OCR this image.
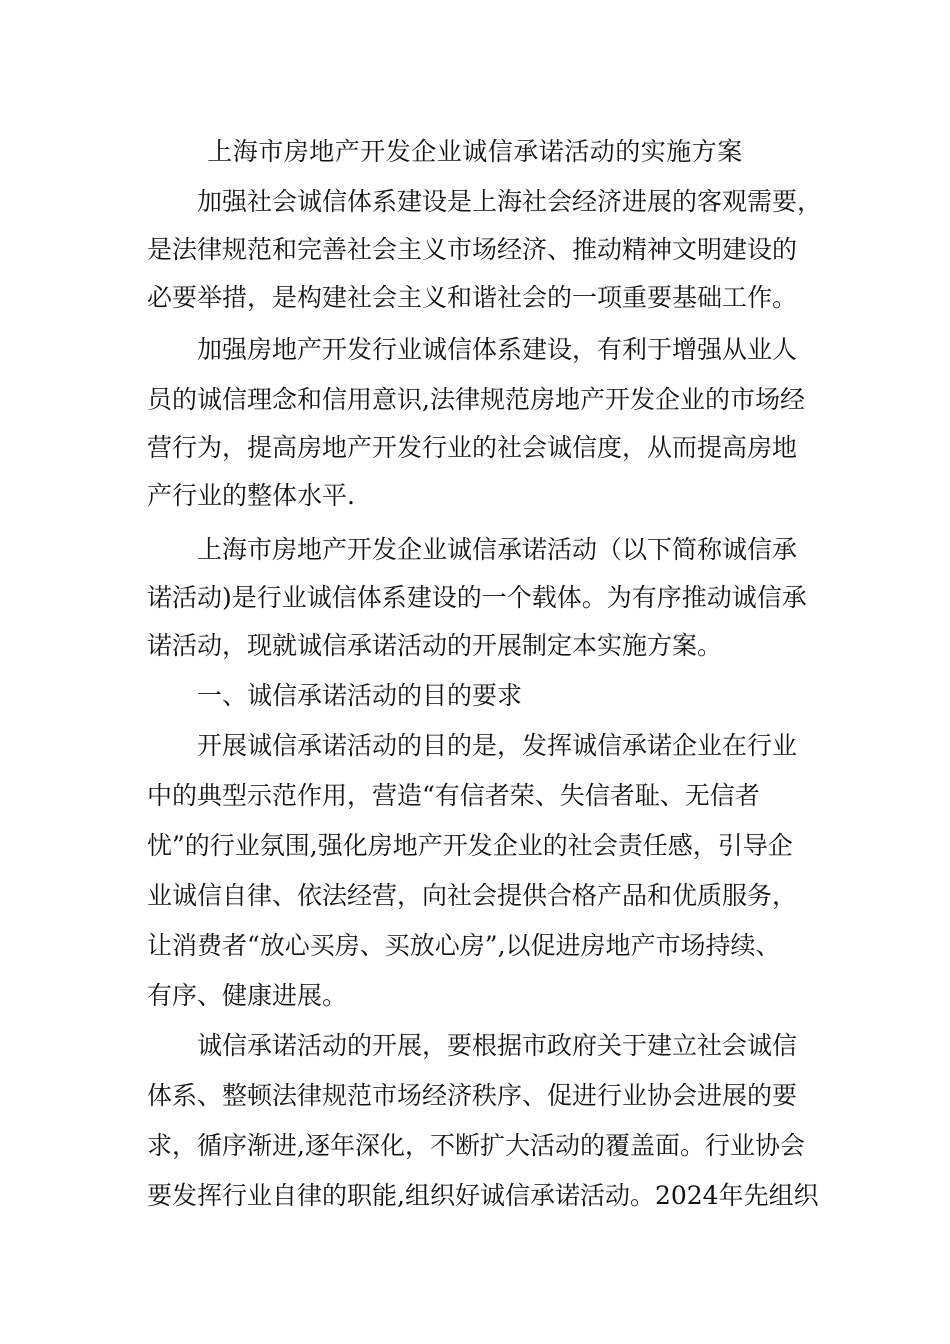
上海市房地产开发企业诚信承诺活动的实施方案
加强社会诚信体系建设是上海社会经济进展的客观需要，
是法律规范和完善社会主义市场经济、推动精神文明建设的
必要举措，是构建社会主义和谐社会的一项重要基础工作。
加强房地产开发行业诚信体系建设，有利于增强从业人
员的诚信理念和信用意识,法律规范房地产开发企业的市场经
营行为，提高房地产开发行业的社会诚信度，从而提高房地
产行业的整体水平.
上海市房地产开发企业诚信承诺活动（以下简称诚信承
诺活动)是行业诚信体系建设的一个载体。为有序推动诚信承
诺活动，现就诚信承诺活动的开展制定本实施方案。
一、诚信承诺活动的目的要求
开展诚信承诺活动的目的是，发挥诚信承诺企业在行业
中的典型示范作用，营造“有信者荣、失信者耻、无信者
忧”的行业氛围,强化房地产开发企业的社会责任感，引导企
业诚信自律、依法经营，向社会提供合格产品和优质服务，
让消费者“放心买房、买放心房”,以促进房地产市场持续、
有序、健康进展。
诚信承诺活动的开展，要根据市政府关于建立社会诚信
体系、整顿法律规范市场经济秩序、促进行业协会进展的要
求，循序渐进,逐年深化，不断扩大活动的覆盖面。行业协会
要发挥行业自律的职能,组织好诚信承诺活动。2024年先组织
